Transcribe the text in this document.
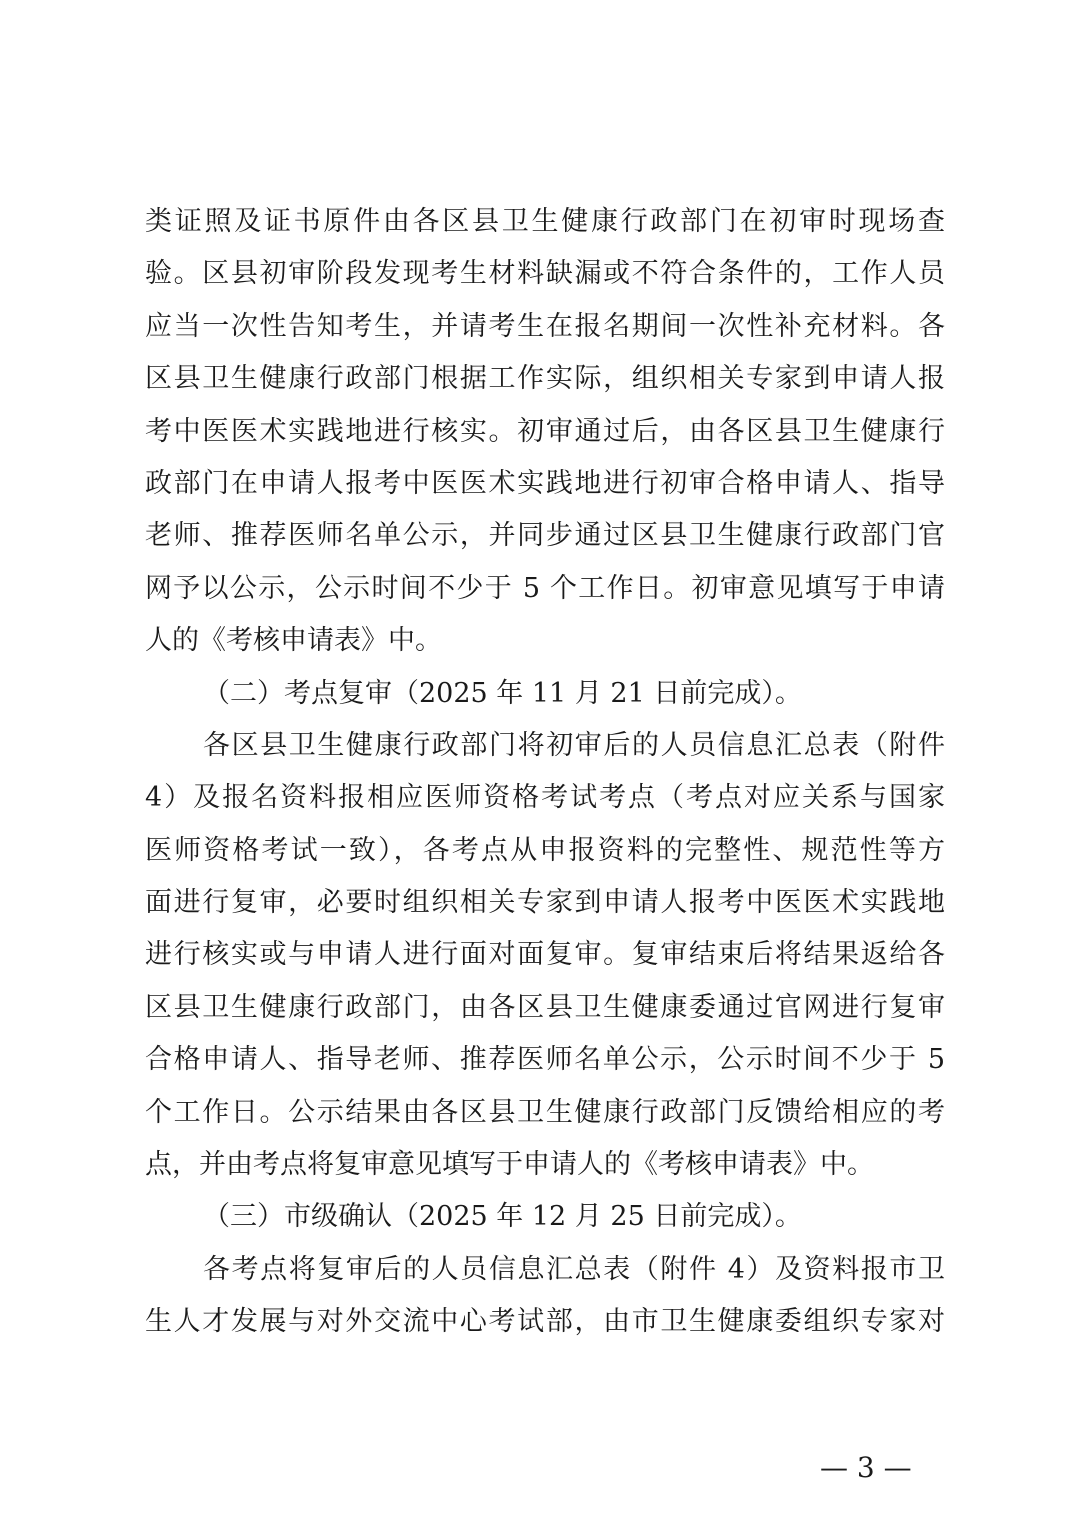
类证照及证书原件由各区县卫生健康行政部门在初审时现场查
验。区县初审阶段发现考生材料缺漏或不符合条件的，工作人员
应当一次性告知考生，并请考生在报名期间一次性补充材料。各
区县卫生健康行政部门根据工作实际，组织相关专家到申请人报
考中医医术实践地进行核实。初审通过后，由各区县卫生健康行
政部门在申请人报考中医医术实践地进行初审合格申请人、指导
老师、推荐医师名单公示，并同步通过区县卫生健康行政部门官
网予以公示，公示时间不少于 5 个工作日。初审意见填写于申请
人的《考核申请表》中。
（二）考点复审（2025 年 11 月 21 日前完成）。
各区县卫生健康行政部门将初审后的人员信息汇总表（附件
4）及报名资料报相应医师资格考试考点（考点对应关系与国家
医师资格考试一致），各考点从申报资料的完整性、规范性等方
面进行复审，必要时组织相关专家到申请人报考中医医术实践地
进行核实或与申请人进行面对面复审。复审结束后将结果返给各
区县卫生健康行政部门，由各区县卫生健康委通过官网进行复审
合格申请人、指导老师、推荐医师名单公示，公示时间不少于 5
个工作日。公示结果由各区县卫生健康行政部门反馈给相应的考
点，并由考点将复审意见填写于申请人的《考核申请表》中。
（三）市级确认（2025 年 12 月 25 日前完成）。
各考点将复审后的人员信息汇总表（附件 4）及资料报市卫
生人才发展与对外交流中心考试部，由市卫生健康委组织专家对
— 3 —
